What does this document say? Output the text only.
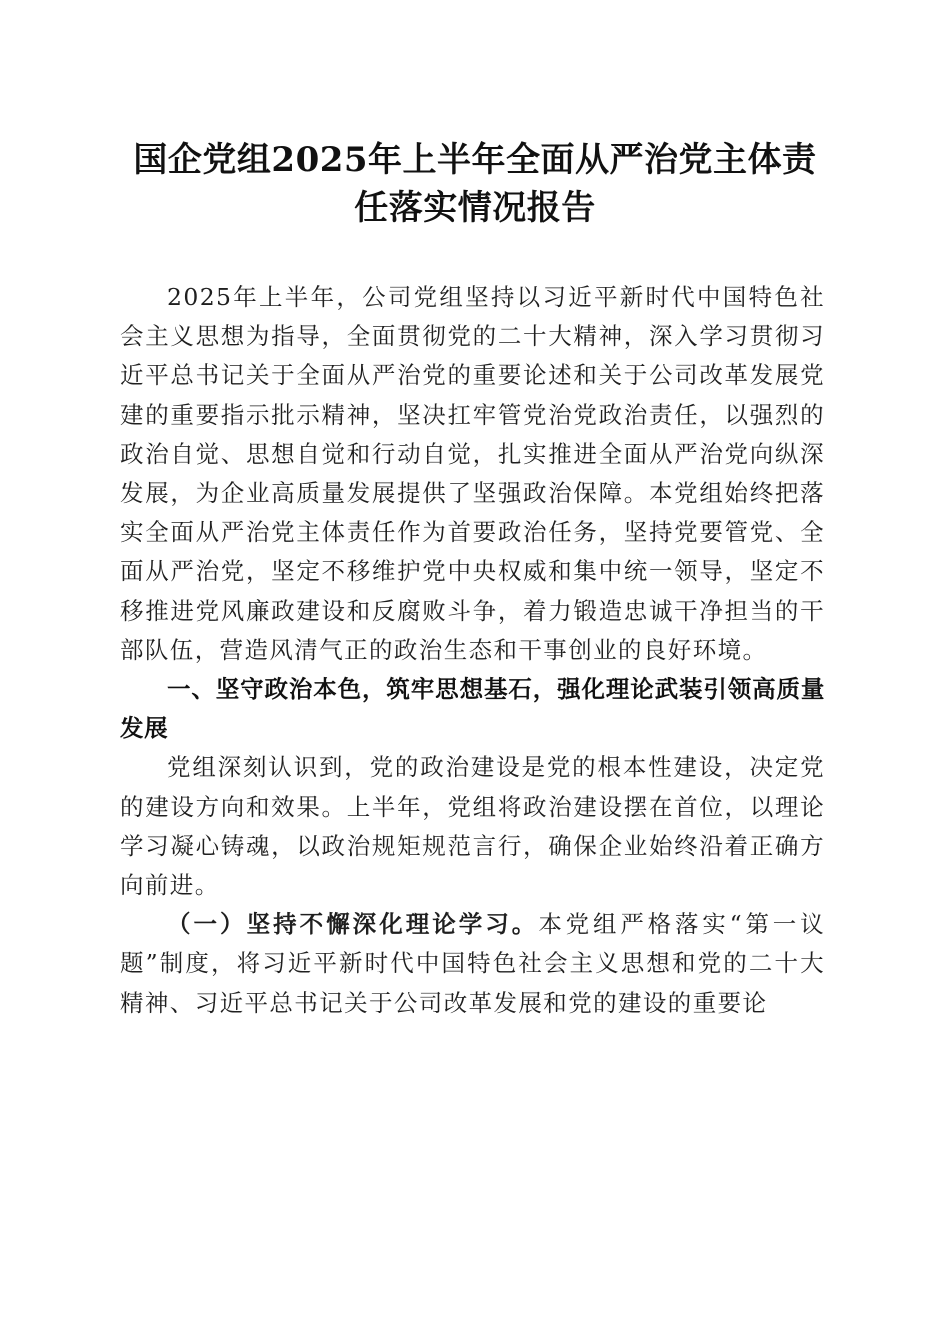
国企党组2025年上半年全面从严治党主体责
任落实情况报告

2025年上半年，公司党组坚持以习近平新时代中国特色社会主义思想为指导，全面贯彻党的二十大精神，深入学习贯彻习近平总书记关于全面从严治党的重要论述和关于公司改革发展党建的重要指示批示精神，坚决扛牢管党治党政治责任，以强烈的政治自觉、思想自觉和行动自觉，扎实推进全面从严治党向纵深发展，为企业高质量发展提供了坚强政治保障。本党组始终把落实全面从严治党主体责任作为首要政治任务，坚持党要管党、全面从严治党，坚定不移维护党中央权威和集中统一领导，坚定不移推进党风廉政建设和反腐败斗争，着力锻造忠诚干净担当的干部队伍，营造风清气正的政治生态和干事创业的良好环境。

一、坚守政治本色，筑牢思想基石，强化理论武装引领高质量发展

党组深刻认识到，党的政治建设是党的根本性建设，决定党的建设方向和效果。上半年，党组将政治建设摆在首位，以理论学习凝心铸魂，以政治规矩规范言行，确保企业始终沿着正确方向前进。

（一）坚持不懈深化理论学习。本党组严格落实“第一议题”制度，将习近平新时代中国特色社会主义思想和党的二十大精神、习近平总书记关于公司改革发展和党的建设的重要论
